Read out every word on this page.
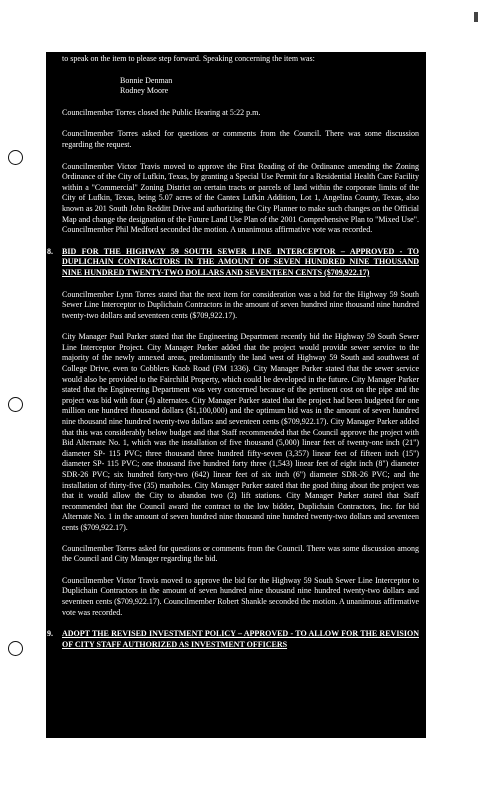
to speak on the item to please step forward. Speaking concerning the item was:

Bonnie Denman
Rodney Moore

Councilmember Torres closed the Public Hearing at 5:22 p.m.

Councilmember Torres asked for questions or comments from the Council. There was some discussion regarding the request.

Councilmember Victor Travis moved to approve the First Reading of the Ordinance amending the Zoning Ordinance of the City of Lufkin, Texas, by granting a Special Use Permit for a Residential Health Care Facility within a "Commercial" Zoning District on certain tracts or parcels of land within the corporate limits of the City of Lufkin, Texas, being 5.07 acres of the Cantex Lufkin Addition, Lot 1, Angelina County, Texas, also known as 201 South John Redditt Drive and authorizing the City Planner to make such changes on the Official Map and change the designation of the Future Land Use Plan of the 2001 Comprehensive Plan to "Mixed Use". Councilmember Phil Medford seconded the motion. A unanimous affirmative vote was recorded.

8. BID FOR THE HIGHWAY 59 SOUTH SEWER LINE INTERCEPTOR – APPROVED - TO DUPLICHAIN CONTRACTORS IN THE AMOUNT OF SEVEN HUNDRED NINE THOUSAND NINE HUNDRED TWENTY-TWO DOLLARS AND SEVENTEEN CENTS ($709,922.17)

Councilmember Lynn Torres stated that the next item for consideration was a bid for the Highway 59 South Sewer Line Interceptor to Duplichain Contractors in the amount of seven hundred nine thousand nine hundred twenty-two dollars and seventeen cents ($709,922.17).

City Manager Paul Parker stated that the Engineering Department recently bid the Highway 59 South Sewer Line Interceptor Project. City Manager Parker added that the project would provide sewer service to the majority of the newly annexed areas, predominantly the land west of Highway 59 South and southwest of College Drive, even to Cobblers Knob Road (FM 1336). City Manager Parker stated that the sewer service would also be provided to the Fairchild Property, which could be developed in the future. City Manager Parker stated that the Engineering Department was very concerned because of the pertinent cost on the pipe and the project was bid with four (4) alternates. City Manager Parker stated that the project had been budgeted for one million one hundred thousand dollars ($1,100,000) and the optimum bid was in the amount of seven hundred nine thousand nine hundred twenty-two dollars and seventeen cents ($709,922.17). City Manager Parker added that this was considerably below budget and that Staff recommended that the Council approve the project with Bid Alternate No. 1, which was the installation of five thousand (5,000) linear feet of twenty-one inch (21") diameter SP- 115 PVC; three thousand three hundred fifty-seven (3,357) linear feet of fifteen inch (15") diameter SP- 115 PVC; one thousand five hundred forty three (1,543) linear feet of eight inch (8") diameter SDR-26 PVC; six hundred forty-two (642) linear feet of six inch (6") diameter SDR-26 PVC; and the installation of thirty-five (35) manholes. City Manager Parker stated that the good thing about the project was that it would allow the City to abandon two (2) lift stations. City Manager Parker stated that Staff recommended that the Council award the contract to the low bidder, Duplichain Contractors, Inc. for bid Alternate No. 1 in the amount of seven hundred nine thousand nine hundred twenty-two dollars and seventeen cents ($709,922.17).

Councilmember Torres asked for questions or comments from the Council. There was some discussion among the Council and City Manager regarding the bid.

Councilmember Victor Travis moved to approve the bid for the Highway 59 South Sewer Line Interceptor to Duplichain Contractors in the amount of seven hundred nine thousand nine hundred twenty-two dollars and seventeen cents ($709,922.17). Councilmember Robert Shankle seconded the motion. A unanimous affirmative vote was recorded.

9. ADOPT THE REVISED INVESTMENT POLICY – APPROVED - TO ALLOW FOR THE REVISION OF CITY STAFF AUTHORIZED AS INVESTMENT OFFICERS
